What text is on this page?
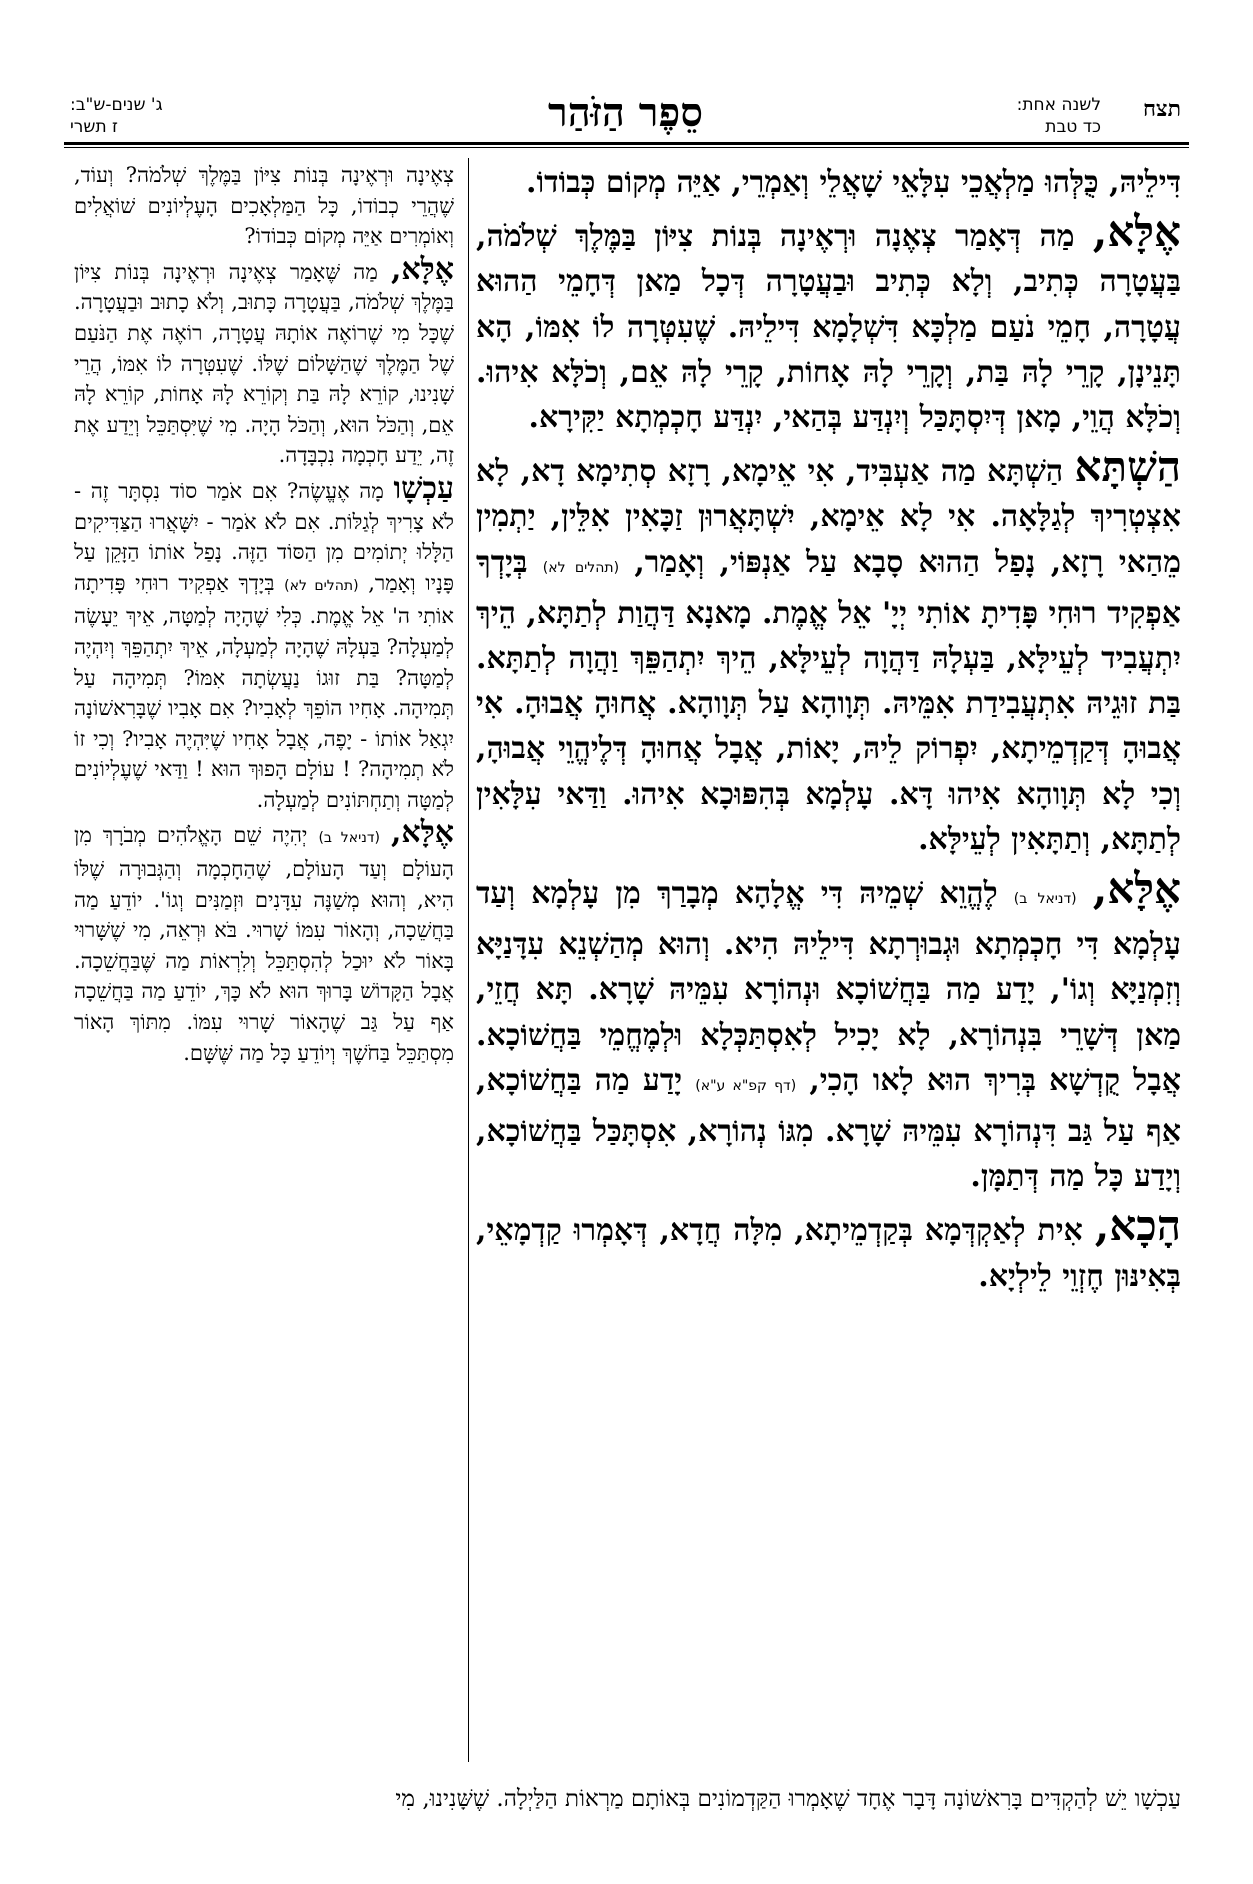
תצח
לשנה אחת:
כד טבת
סֵפֶר הַזֹּהַר
ג' שנים-ש"ב:
ז תשרי

דִּילֵיהּ, כֻּלְּהוּ מַלְאֲכֵי עִלָּאֵי שָׁאֲלֵי וְאַמְרֵי, אַיֵּה מְקוֹם כְּבוֹדוֹ.

אֶלָּא, מַה דְּאָמַר צְאֶנָה וּרְאֶינָה בְּנוֹת צִיּוֹן בַּמֶּלֶךְ שְׁלֹמֹה, בַּעֲטָרָה כְּתִיב, וְלָא כְּתִיב וּבַעֲטָרָה דְּכָל מַאן דְּחָמֵי הַהוּא עֲטָרָה, חָמֵי נֹעַם מַלְכָּא דִּשְׁלָמָא דִּילֵיהּ. שֶׁעִטְּרָה לוֹ אִמּוֹ, הָא תָּנֵינָן, קָרֵי לָהּ בַּת, וְקָרֵי לָהּ אָחוֹת, קָרֵי לָהּ אֵם, וְכֹלָּא אִיהוּ. וְכֹלָּא הֲוֵי, מָאן דְּיִסְתָּכַּל וְיִנְדַּע בְּהַאי, יִנְדַּע חָכְמְתָא יַקִּירָא.

הַשְׁתָּא הַשְׁתָּא מַה אַעְבִּיד, אִי אֵימָא, רָזָא סְתִימָא דָא, לָא אִצְטְרִיךְ לְגַלָּאָה. אִי לָא אֵימָא, יִשְׁתָּאֲרוּן זַכָּאִין אִלֵּין, יַתְמִין מֵהַאי רָזָא, נָפַל הַהוּא סָבָא עַל אַנְפּוֹי, וְאָמַר, (תהלים לא) בְּיָדְךָ אַפְקִיד רוּחִי פָּדִיתָ אוֹתִי יְיָ' אֵל אֱמֶת. מָאנָא דַּהֲוַת לְתַתָּא, הֵיךְ יִתְעֲבִיד לְעֵילָּא, בַּעְלָהּ דַּהֲוָה לְעֵילָּא, הֵיךְ יִתְהַפֵּךְ וַהֲוָה לְתַתָּא. בַּת זוּגֵיהּ אִתְעֲבִידַת אִמֵּיהּ. תְּוָוהָא עַל תְּוָוהָא. אֲחוּהָ אֲבוּהָ. אִי אֲבוּהָ דְּקַדְמֵיתָא, יִפְרוֹק לֵיהּ, יָאוֹת, אֲבָל אֲחוּהָ דְּלֶיהֱוֵי אֲבוּהָ, וְכִי לָא תְּוָוהָא אִיהוּ דָּא. עָלְמָא בְּהִפּוּכָא אִיהוּ. וַדַּאי עִלָּאִין לְתַתָּא, וְתַתָּאִין לְעֵילָּא.

אֶלָּא, (דניאל ב) לֶהֱוֵא שְׁמֵיהּ דִּי אֱלָהָא מְבָרַךְ מִן עָלְמָא וְעַד עָלְמָא דִּי חָכְמְתָא וּגְבוּרְתָא דִּילֵיהּ הִיא. וְהוּא מְהַשְׁנֵא עִדָּנַיָּא וְזִמְנַיָּא וְגוֹ', יָדַע מַה בַּחֲשׁוֹכָא וּנְהוֹרָא עִמֵּיהּ שָׁרָא. תָּא חֲזֵי, מַאן דְּשָׁרֵי בִּנְהוֹרָא, לָא יָכִיל לְאִסְתַּכְּלָא וּלְמֶחֱמֵי בַּחֲשׁוֹכָא. אֲבָל קֻדְשָׁא בְּרִיךְ הוּא לָאו הָכִי, (דף קפ"א ע"א) יָדַע מַה בַּחֲשׁוֹכָא, אַף עַל גַּב דִּנְהוֹרָא עִמֵּיהּ שָׁרָא. מִגּוֹ נְהוֹרָא, אִסְתָּכַּל בַּחֲשׁוֹכָא, וְיָדַע כָּל מַה דְּתַמָּן.

הָכָא, אִית לְאַקְדְּמָא בְּקַדְמֵיתָא, מִלָּה חֲדָא, דְּאָמְרוּ קַדְמָאֵי, בְּאִינּוּן חֶזְוֵי לֵילְיָא.

צְאֶינָה וּרְאֶינָה בְּנוֹת צִיּוֹן בַּמֶּלֶךְ שְׁלֹמֹה? וְעוֹד, שֶׁהֲרֵי כְבוֹדוֹ, כָּל הַמַּלְאָכִים הָעֶלְיוֹנִים שׁוֹאֲלִים וְאוֹמְרִים אַיֵּה מְקוֹם כְּבוֹדוֹ?

אֶלָּא, מַה שֶּׁאָמַר צְאֶינָה וּרְאֶינָה בְּנוֹת צִיּוֹן בַּמֶּלֶךְ שְׁלֹמֹה, בַּעֲטָרָה כָּתוּב, וְלֹא כָתוּב וּבַעֲטָרָה. שֶׁכָּל מִי שֶׁרוֹאֶה אוֹתָהּ עֲטָרָה, רוֹאֶה אֶת הַנֹּעַם שֶׁל הַמֶּלֶךְ שֶׁהַשָּׁלוֹם שֶׁלּוֹ. שֶׁעִטְּרָה לוֹ אִמּוֹ, הֲרֵי שָׁנִינוּ, קוֹרֵא לָהּ בַּת וְקוֹרֵא לָהּ אָחוֹת, קוֹרֵא לָהּ אֵם, וְהַכֹּל הוּא, וְהַכֹּל הָיָה. מִי שֶׁיִּסְתַּכֵּל וְיֵדַע אֶת זֶה, יֵדַע חָכְמָה נִכְבָּדָה.

עַכְשָׁו מָה אֶעֱשֶׂה? אִם אֹמַר סוֹד נִסְתָּר זֶה - לֹא צָרִיךְ לְגַלּוֹת. אִם לֹא אֹמַר - יִשָּׁאֲרוּ הַצַּדִּיקִים הַלָּלוּ יְתוֹמִים מִן הַסּוֹד הַזֶּה. נָפַל אוֹתוֹ הַזָּקֵן עַל פָּנָיו וְאָמַר, (תהלים לא) בְּיָדְךָ אַפְקִיד רוּחִי פָּדִיתָה אוֹתִי ה' אֵל אֱמֶת. כְּלִי שֶׁהָיָה לְמַטָּה, אֵיךְ יֵעָשֶׂה לְמַעְלָה? בַּעְלָהּ שֶׁהָיָה לְמַעְלָה, אֵיךְ יִתְהַפֵּךְ וְיִהְיֶה לְמַטָּה? בַּת זוּגוֹ נַעֲשְׂתָה אִמּוֹ? תְּמִיהָה עַל תְּמִיהָה. אָחִיו הוֹפֵךְ לְאָבִיו? אִם אָבִיו שֶׁבָּרִאשׁוֹנָה יִגְאַל אוֹתוֹ - יָפֶה, אֲבָל אָחִיו שֶׁיִּהְיֶה אָבִיו? וְכִי זוֹ לֹא תְמִיהָה? ! עוֹלָם הָפוּךְ הוּא ! וַדַּאי שֶׁעֶלְיוֹנִים לְמַטָּה וְתַחְתּוֹנִים לְמַעְלָה.

אֶלָּא, (דניאל ב) יְהִיֶה שֵׁם הָאֱלֹהִים מְבֹרָךְ מִן הָעוֹלָם וְעַד הָעוֹלָם, שֶׁהַחָכְמָה וְהַגְּבוּרָה שֶׁלּוֹ הִיא, וְהוּא מְשַׁנֶּה עִדָּנִים וּזְמַנִּים וְגוֹ'. יוֹדֵעַ מַה בַּחֲשֵׁכָה, וְהָאוֹר עִמּוֹ שָׁרוּי. בֹּא וּרְאֵה, מִי שֶׁשָּׁרוּי בָּאוֹר לֹא יוּכַל לְהִסְתַּכֵּל וְלִרְאוֹת מַה שֶּׁבַּחֲשֵׁכָה. אֲבָל הַקָּדוֹשׁ בָּרוּךְ הוּא לֹא כָּךְ, יוֹדֵעַ מַה בַּחֲשֵׁכָה אַף עַל גַּב שֶׁהָאוֹר שָׁרוּי עִמּוֹ. מִתּוֹךְ הָאוֹר מִסְתַּכֵּל בַּחֹשֶׁךְ וְיוֹדֵעַ כָּל מַה שֶּׁשָּׁם.

עַכְשָׁו יֵשׁ לְהַקְדִּים בָּרִאשׁוֹנָה דָּבָר אֶחָד שֶׁאָמְרוּ הַקַּדְמוֹנִים בְּאוֹתָם מַרְאוֹת הַלַּיְלָה. שֶׁשָּׁנִינוּ, מִי
